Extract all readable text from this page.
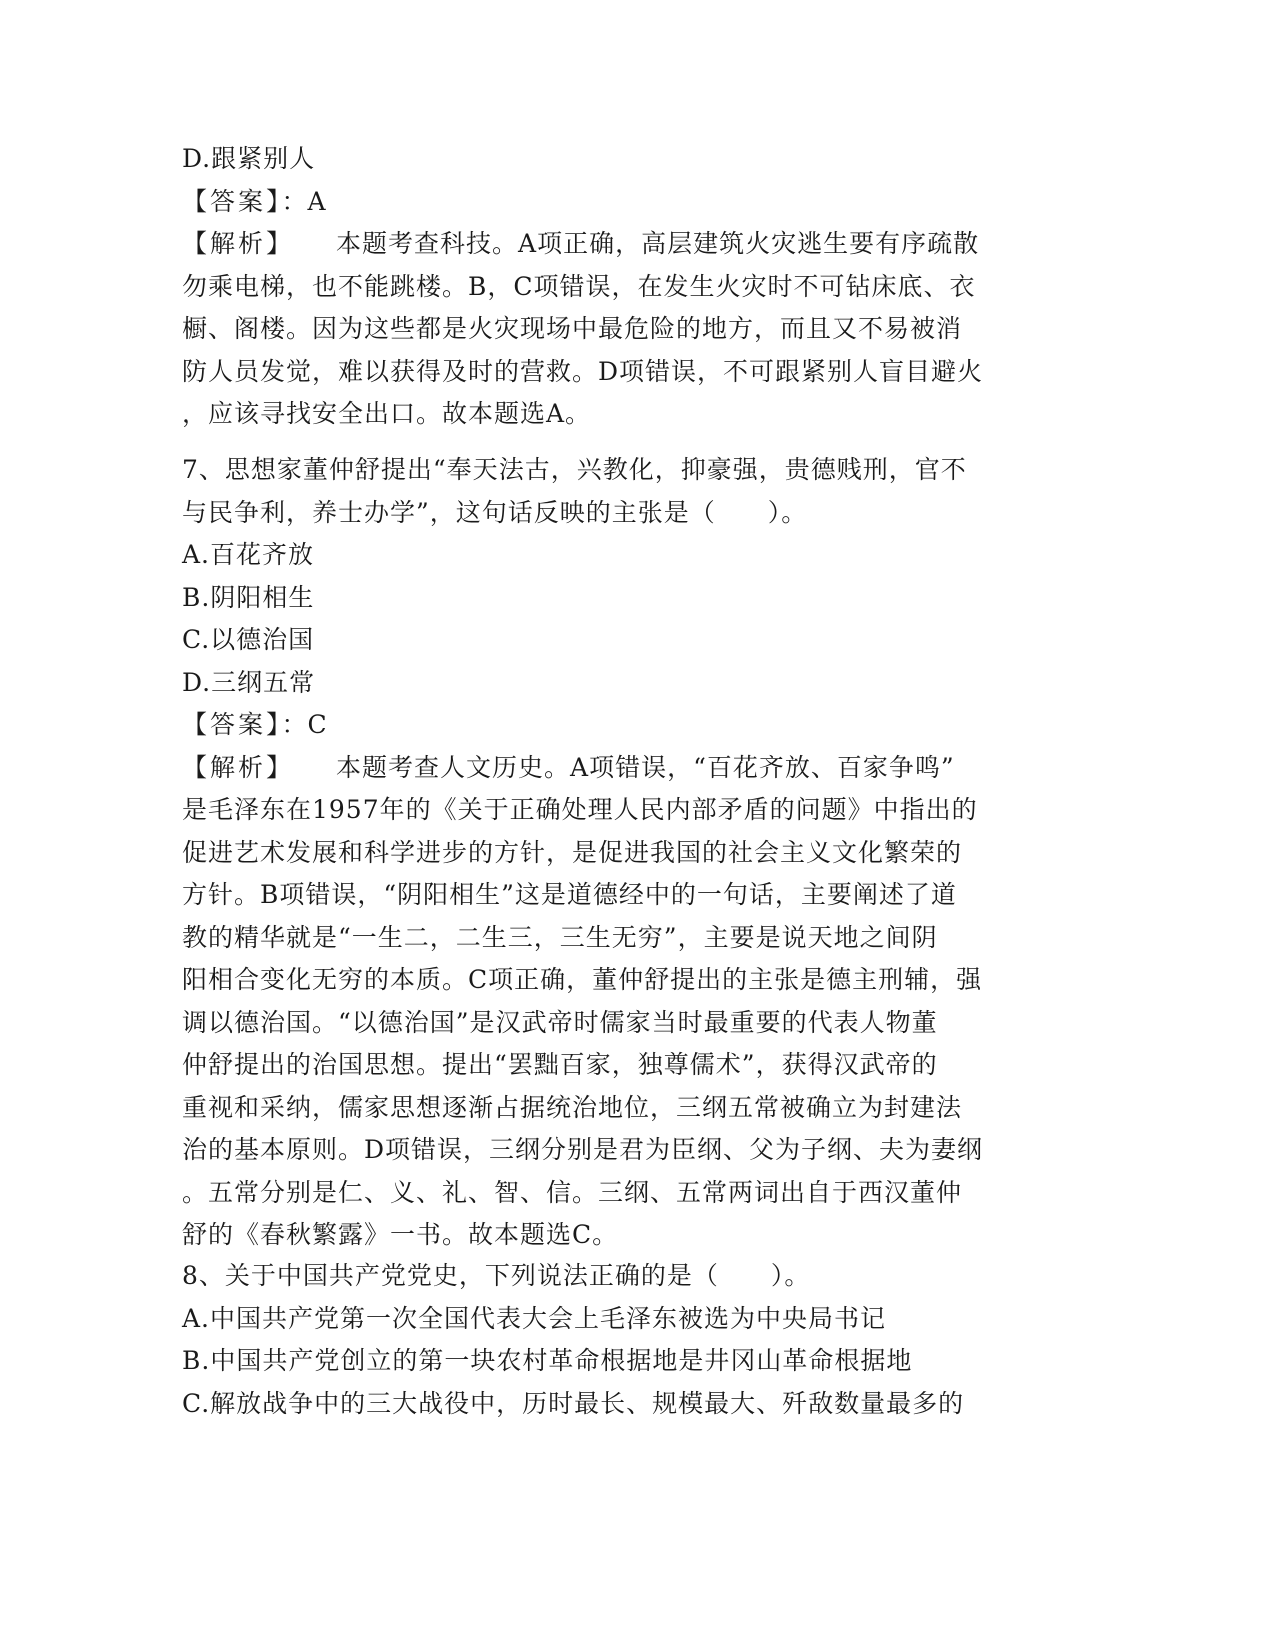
D.跟紧别人
【答案】：A
【解析】 本题考查科技。A项正确，高层建筑火灾逃生要有序疏散
勿乘电梯，也不能跳楼。B，C项错误，在发生火灾时不可钻床底、衣
橱、阁楼。因为这些都是火灾现场中最危险的地方，而且又不易被消
防人员发觉，难以获得及时的营救。D项错误，不可跟紧别人盲目避火
，应该寻找安全出口。故本题选A。
7、思想家董仲舒提出“奉天法古，兴教化，抑豪强，贵德贱刑，官不
与民争利，养士办学”，这句话反映的主张是（　　）。
A.百花齐放
B.阴阳相生
C.以德治国
D.三纲五常
【答案】：C
【解析】 本题考查人文历史。A项错误，“百花齐放、百家争鸣”
是毛泽东在1957年的《关于正确处理人民内部矛盾的问题》中指出的
促进艺术发展和科学进步的方针，是促进我国的社会主义文化繁荣的
方针。B项错误，“阴阳相生”这是道德经中的一句话，主要阐述了道
教的精华就是“一生二，二生三，三生无穷”，主要是说天地之间阴
阳相合变化无穷的本质。C项正确，董仲舒提出的主张是德主刑辅，强
调以德治国。“以德治国”是汉武帝时儒家当时最重要的代表人物董
仲舒提出的治国思想。提出“罢黜百家，独尊儒术”，获得汉武帝的
重视和采纳，儒家思想逐渐占据统治地位，三纲五常被确立为封建法
治的基本原则。D项错误，三纲分别是君为臣纲、父为子纲、夫为妻纲
。五常分别是仁、义、礼、智、信。三纲、五常两词出自于西汉董仲
舒的《春秋繁露》一书。故本题选C。
8、关于中国共产党党史，下列说法正确的是（　　）。
A.中国共产党第一次全国代表大会上毛泽东被选为中央局书记
B.中国共产党创立的第一块农村革命根据地是井冈山革命根据地
C.解放战争中的三大战役中，历时最长、规模最大、歼敌数量最多的
